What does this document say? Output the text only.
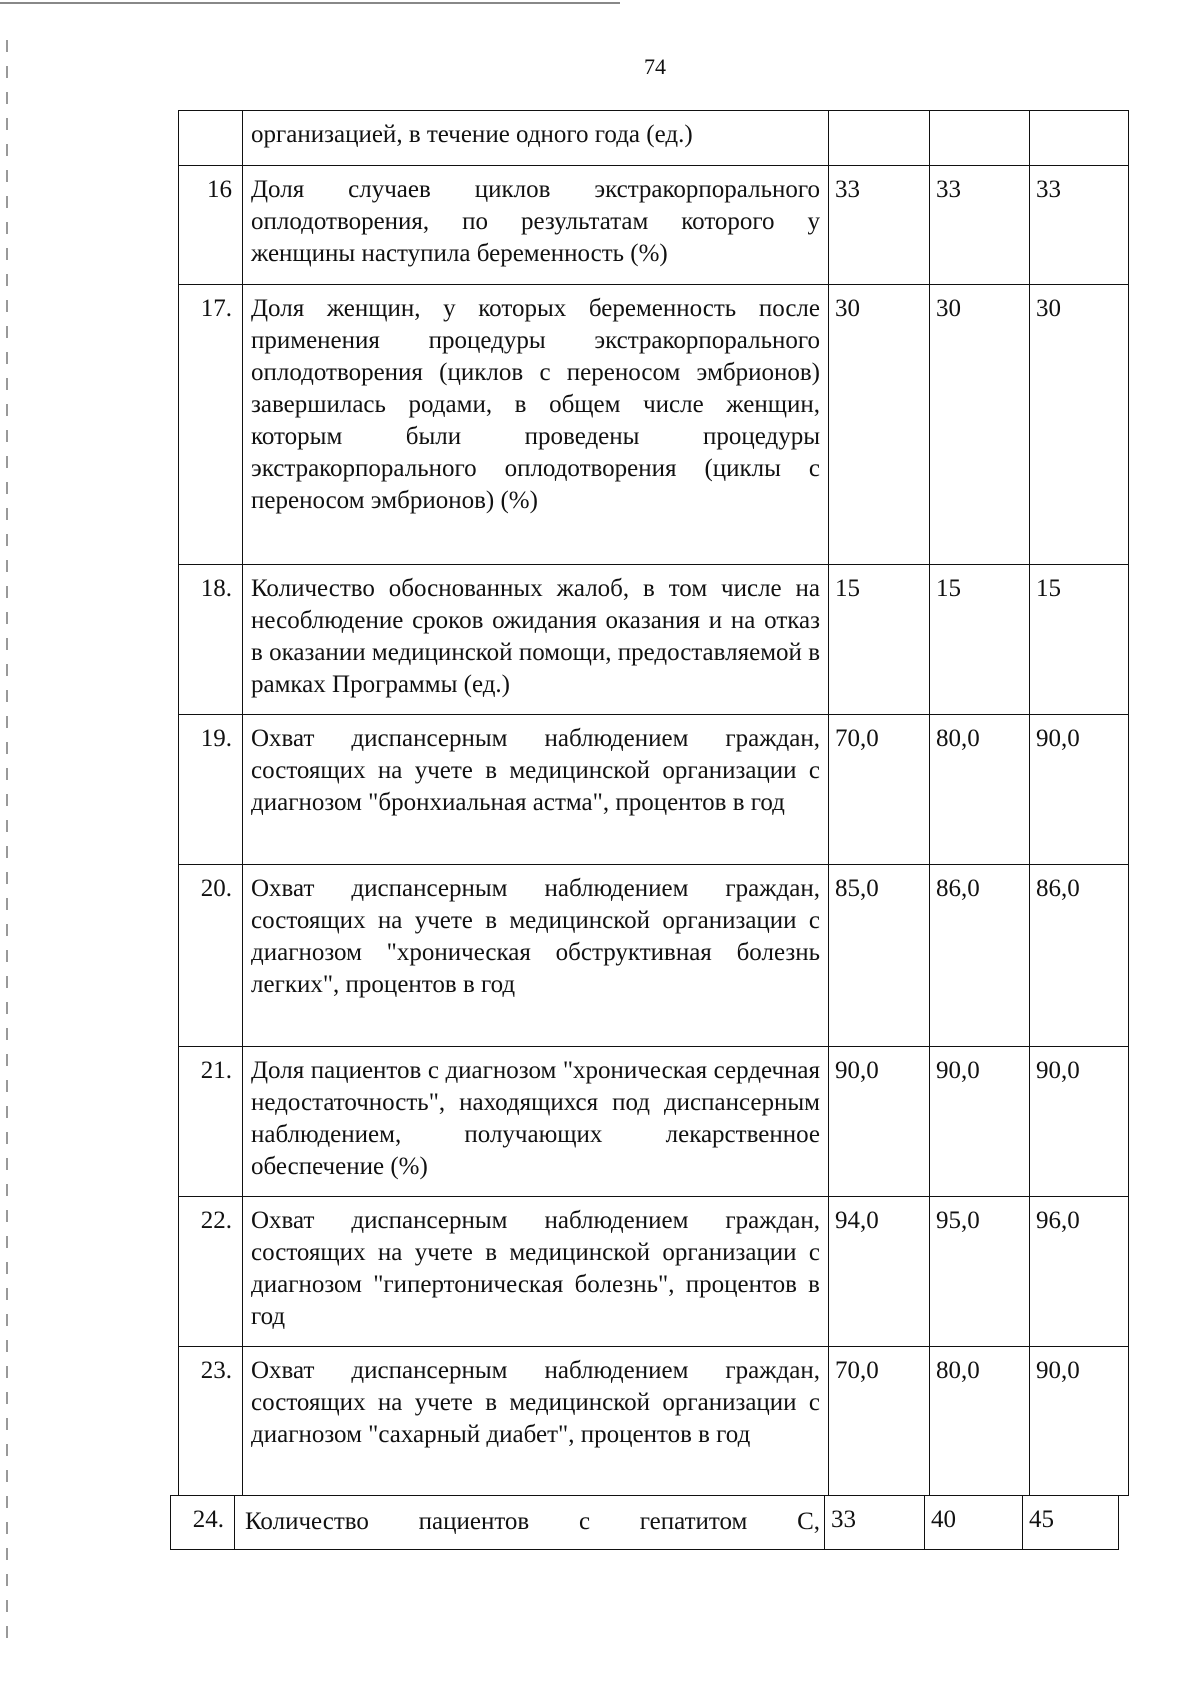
74
	организацией, в течение одного года (ед.)			
16	Доля случаев циклов экстракорпорального оплодотворения, по результатам которого у женщины наступила беременность (%)	33	33	33
17.	Доля женщин, у которых беременность после применения процедуры экстракорпорального оплодотворения (циклов с переносом эмбрионов) завершилась родами, в общем числе женщин, которым были проведены процедуры экстракорпорального оплодотворения (циклы с переносом эмбрионов) (%)	30	30	30
18.	Количество обоснованных жалоб, в том числе на несоблюдение сроков ожидания оказания и на отказ в оказании медицинской помощи, предоставляемой в рамках Программы (ед.)	15	15	15
19.	Охват диспансерным наблюдением граждан, состоящих на учете в медицинской организации с диагнозом "бронхиальная астма", процентов в год	70,0	80,0	90,0
20.	Охват диспансерным наблюдением граждан, состоящих на учете в медицинской организации с диагнозом "хроническая обструктивная болезнь легких", процентов в год	85,0	86,0	86,0
21.	Доля пациентов с диагнозом "хроническая сердечная недостаточность", находящихся под диспансерным наблюдением, получающих лекарственное обеспечение (%)	90,0	90,0	90,0
22.	Охват диспансерным наблюдением граждан, состоящих на учете в медицинской организации с диагнозом "гипертоническая болезнь", процентов в год	94,0	95,0	96,0
23.	Охват диспансерным наблюдением граждан, состоящих на учете в медицинской организации с диагнозом "сахарный диабет", процентов в год	70,0	80,0	90,0
24.	Количество пациентов с гепатитом С,	33	40	45
